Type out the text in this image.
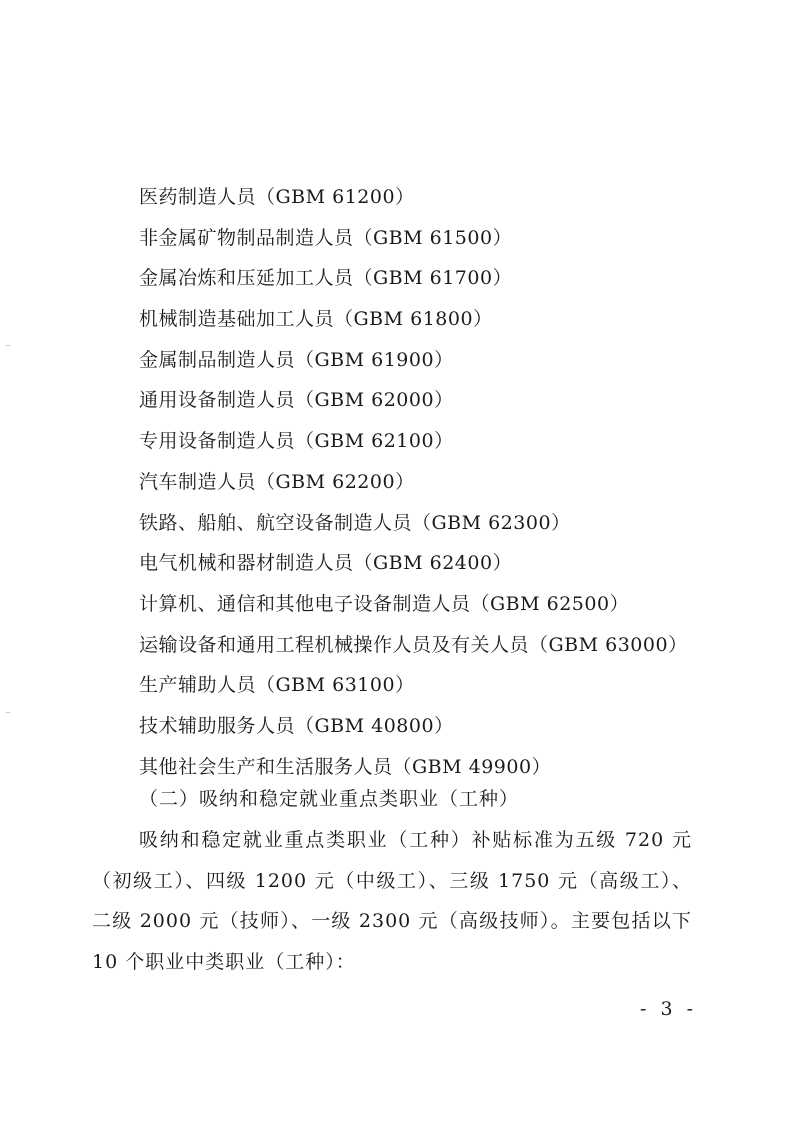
医药制造人员（GBM 61200）
非金属矿物制品制造人员（GBM 61500）
金属冶炼和压延加工人员（GBM 61700）
机械制造基础加工人员（GBM 61800）
金属制品制造人员（GBM 61900）
通用设备制造人员（GBM 62000）
专用设备制造人员（GBM 62100）
汽车制造人员（GBM 62200）
铁路、船舶、航空设备制造人员（GBM 62300）
电气机械和器材制造人员（GBM 62400）
计算机、通信和其他电子设备制造人员（GBM 62500）
运输设备和通用工程机械操作人员及有关人员（GBM 63000）
生产辅助人员（GBM 63100）
技术辅助服务人员（GBM 40800）
其他社会生产和生活服务人员（GBM 49900）
（二）吸纳和稳定就业重点类职业（工种）
吸纳和稳定就业重点类职业（工种）补贴标准为五级 720 元（初级工）、四级 1200 元（中级工）、三级 1750 元（高级工）、二级 2000 元（技师）、一级 2300 元（高级技师）。主要包括以下 10 个职业中类职业（工种）：
- 3 -
